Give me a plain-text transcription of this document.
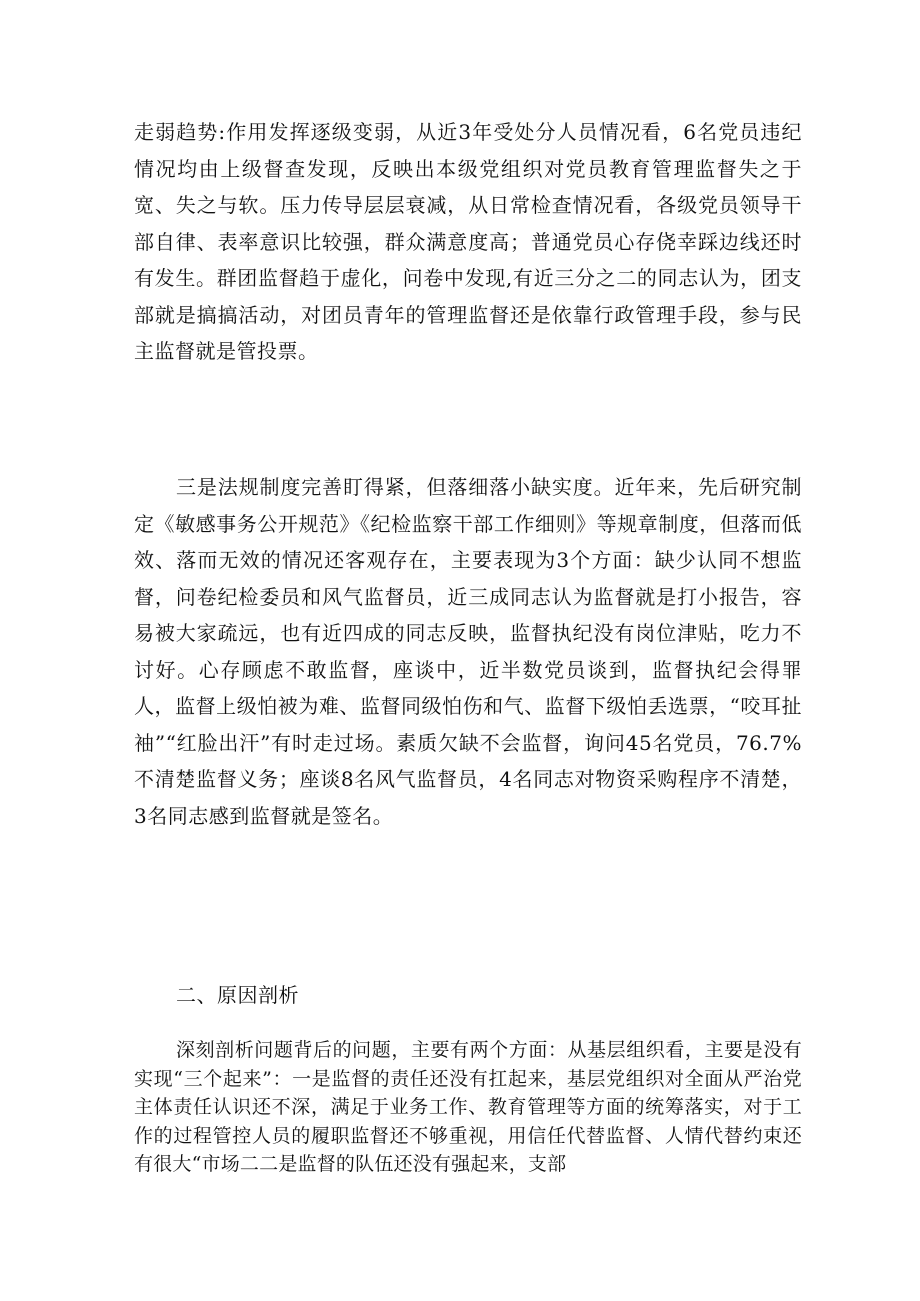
走弱趋势:作用发挥逐级变弱，从近3年受处分人员情况看，6名党员违纪情况均由上级督查发现，反映出本级党组织对党员教育管理监督失之于宽、失之与软。压力传导层层衰减，从日常检查情况看，各级党员领导干部自律、表率意识比较强，群众满意度高；普通党员心存侥幸踩边线还时有发生。群团监督趋于虚化，问卷中发现,有近三分之二的同志认为，团支部就是搞搞活动，对团员青年的管理监督还是依靠行政管理手段，参与民主监督就是管投票。

三是法规制度完善盯得紧，但落细落小缺实度。近年来，先后研究制定《敏感事务公开规范》《纪检监察干部工作细则》等规章制度，但落而低效、落而无效的情况还客观存在，主要表现为3个方面：缺少认同不想监督，问卷纪检委员和风气监督员，近三成同志认为监督就是打小报告，容易被大家疏远，也有近四成的同志反映，监督执纪没有岗位津贴，吃力不讨好。心存顾虑不敢监督，座谈中，近半数党员谈到，监督执纪会得罪人，监督上级怕被为难、监督同级怕伤和气、监督下级怕丢选票，“咬耳扯袖”“红脸出汗”有时走过场。素质欠缺不会监督，询问45名党员，76.7%不清楚监督义务；座谈8名风气监督员，4名同志对物资采购程序不清楚，3名同志感到监督就是签名。

二、原因剖析

深刻剖析问题背后的问题，主要有两个方面：从基层组织看，主要是没有实现“三个起来”：一是监督的责任还没有扛起来，基层党组织对全面从严治党主体责任认识还不深，满足于业务工作、教育管理等方面的统筹落实，对于工作的过程管控人员的履职监督还不够重视，用信任代替监督、人情代替约束还有很大“市场二二是监督的队伍还没有强起来，支部
